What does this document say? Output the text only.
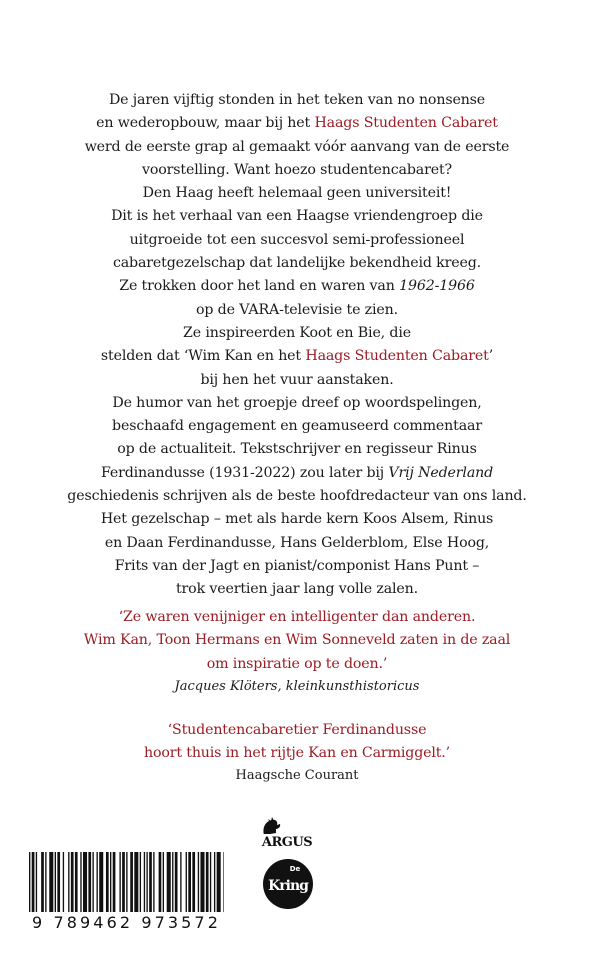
De jaren vijftig stonden in het teken van no nonsense
en wederopbouw, maar bij het Haags Studenten Cabaret
werd de eerste grap al gemaakt vóór aanvang van de eerste
voorstelling. Want hoezo studentencabaret?
Den Haag heeft helemaal geen universiteit!
Dit is het verhaal van een Haagse vriendengroep die
uitgroeide tot een succesvol semi-professioneel
cabaretgezelschap dat landelijke bekendheid kreeg.
Ze trokken door het land en waren van 1962-1966
op de VARA-televisie te zien.
Ze inspireerden Koot en Bie, die
stelden dat ‘Wim Kan en het Haags Studenten Cabaret’
bij hen het vuur aanstaken.
De humor van het groepje dreef op woordspelingen,
beschaafd engagement en geamuseerd commentaar
op de actualiteit. Tekstschrijver en regisseur Rinus
Ferdinandusse (1931-2022) zou later bij Vrij Nederland
geschiedenis schrijven als de beste hoofdredacteur van ons land.
Het gezelschap – met als harde kern Koos Alsem, Rinus
en Daan Ferdinandusse, Hans Gelderblom, Else Hoog,
Frits van der Jagt en pianist/componist Hans Punt –
trok veertien jaar lang volle zalen.
‘Ze waren venijniger en intelligenter dan anderen.
Wim Kan, Toon Hermans en Wim Sonneveld zaten in de zaal
om inspiratie op te doen.’
Jacques Klöters, kleinkunsthistoricus
‘Studentencabaretier Ferdinandusse
hoort thuis in het rijtje Kan en Carmiggelt.’
Haagsche Courant
9 789462 973572
ARGUS
De
Kring
